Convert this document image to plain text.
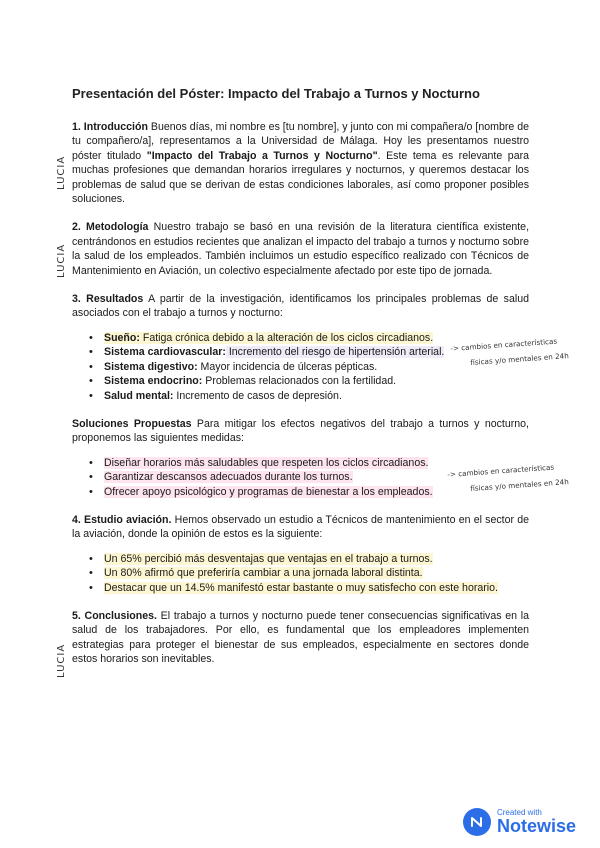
Presentación del Póster: Impacto del Trabajo a Turnos y Nocturno

1. Introducción Buenos días, mi nombre es [tu nombre], y junto con mi compañera/o [nombre de tu compañero/a], representamos a la Universidad de Málaga. Hoy les presentamos nuestro póster titulado "Impacto del Trabajo a Turnos y Nocturno". Este tema es relevante para muchas profesiones que demandan horarios irregulares y nocturnos, y queremos destacar los problemas de salud que se derivan de estas condiciones laborales, así como proponer posibles soluciones.

2. Metodología Nuestro trabajo se basó en una revisión de la literatura científica existente, centrándonos en estudios recientes que analizan el impacto del trabajo a turnos y nocturno sobre la salud de los empleados. También incluimos un estudio específico realizado con Técnicos de Mantenimiento en Aviación, un colectivo especialmente afectado por este tipo de jornada.

3. Resultados A partir de la investigación, identificamos los principales problemas de salud asociados con el trabajo a turnos y nocturno:

• Sueño: Fatiga crónica debido a la alteración de los ciclos circadianos.
• Sistema cardiovascular: Incremento del riesgo de hipertensión arterial.
• Sistema digestivo: Mayor incidencia de úlceras pépticas.
• Sistema endocrino: Problemas relacionados con la fertilidad.
• Salud mental: Incremento de casos de depresión.

Soluciones Propuestas Para mitigar los efectos negativos del trabajo a turnos y nocturno, proponemos las siguientes medidas:

• Diseñar horarios más saludables que respeten los ciclos circadianos.
• Garantizar descansos adecuados durante los turnos.
• Ofrecer apoyo psicológico y programas de bienestar a los empleados.

4. Estudio aviación. Hemos observado un estudio a Técnicos de mantenimiento en el sector de la aviación, donde la opinión de estos es la siguiente:

• Un 65% percibió más desventajas que ventajas en el trabajo a turnos.
• Un 80% afirmó que preferiría cambiar a una jornada laboral distinta.
• Destacar que un 14.5% manifestó estar bastante o muy satisfecho con este horario.

5. Conclusiones. El trabajo a turnos y nocturno puede tener consecuencias significativas en la salud de los trabajadores. Por ello, es fundamental que los empleadores implementen estrategias para proteger el bienestar de sus empleados, especialmente en sectores donde estos horarios son inevitables.

LUCIA
LUCIA
LUCIA
-> cambios en características
físicas y/o mentales en 24h
-> cambios en características
físicas y/o mentales en 24h
Created with
Notewise
